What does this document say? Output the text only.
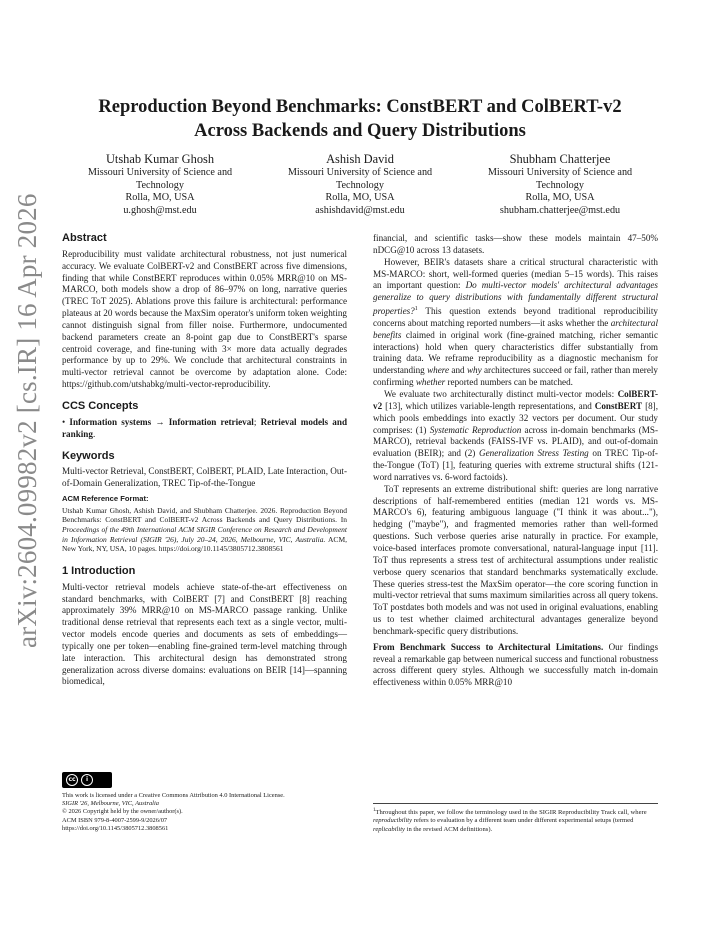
arXiv:2604.09982v2 [cs.IR] 16 Apr 2026
Reproduction Beyond Benchmarks: ConstBERT and ColBERT-v2
Across Backends and Query Distributions
Utshab Kumar Ghosh
Missouri University of Science and
Technology
Rolla, MO, USA
u.ghosh@mst.edu
Ashish David
Missouri University of Science and
Technology
Rolla, MO, USA
ashishdavid@mst.edu
Shubham Chatterjee
Missouri University of Science and
Technology
Rolla, MO, USA
shubham.chatterjee@mst.edu
Abstract

Reproducibility must validate architectural robustness, not just numerical accuracy. We evaluate ColBERT-v2 and ConstBERT across five dimensions, finding that while ConstBERT reproduces within 0.05% MRR@10 on MS-MARCO, both models show a drop of 86–97% on long, narrative queries (TREC ToT 2025). Ablations prove this failure is architectural: performance plateaus at 20 words because the MaxSim operator's uniform token weighting cannot distinguish signal from filler noise. Furthermore, undocumented backend parameters create an 8-point gap due to ConstBERT's sparse centroid coverage, and fine-tuning with 3× more data actually degrades performance by up to 29%. We conclude that architectural constraints in multi-vector retrieval cannot be overcome by adaptation alone. Code: https://github.com/utshabkg/multi-vector-reproducibility.

CCS Concepts

• Information systems → Information retrieval; Retrieval models and ranking.

Keywords

Multi-vector Retrieval, ConstBERT, ColBERT, PLAID, Late Interaction, Out-of-Domain Generalization, TREC Tip-of-the-Tongue

ACM Reference Format:

Utshab Kumar Ghosh, Ashish David, and Shubham Chatterjee. 2026. Reproduction Beyond Benchmarks: ConstBERT and ColBERT-v2 Across Backends and Query Distributions. In Proceedings of the 49th International ACM SIGIR Conference on Research and Development in Information Retrieval (SIGIR '26), July 20–24, 2026, Melbourne, VIC, Australia. ACM, New York, NY, USA, 10 pages. https://doi.org/10.1145/3805712.3808561

1 Introduction

Multi-vector retrieval models achieve state-of-the-art effectiveness on standard benchmarks, with ColBERT [7] and ConstBERT [8] reaching approximately 39% MRR@10 on MS-MARCO passage ranking. Unlike traditional dense retrieval that represents each text as a single vector, multi-vector models encode queries and documents as sets of embeddings—typically one per token—enabling fine-grained term-level matching through late interaction. This architectural design has demonstrated strong generalization across diverse domains: evaluations on BEIR [14]—spanning biomedical,

financial, and scientific tasks—show these models maintain 47–50% nDCG@10 across 13 datasets.

However, BEIR's datasets share a critical structural characteristic with MS-MARCO: short, well-formed queries (median 5–15 words). This raises an important question: Do multi-vector models' architectural advantages generalize to query distributions with fundamentally different structural properties?$^1$ This question extends beyond traditional reproducibility concerns about matching reported numbers—it asks whether the architectural benefits claimed in original work (fine-grained matching, richer semantic interactions) hold when query characteristics differ substantially from training data. We reframe reproducibility as a diagnostic mechanism for understanding where and why architectures succeed or fail, rather than merely confirming whether reported numbers can be matched.

We evaluate two architecturally distinct multi-vector models: ColBERT-v2 [13], which utilizes variable-length representations, and ConstBERT [8], which pools embeddings into exactly 32 vectors per document. Our study comprises: (1) Systematic Reproduction across in-domain benchmarks (MS-MARCO), retrieval backends (FAISS-IVF vs. PLAID), and out-of-domain evaluation (BEIR); and (2) Generalization Stress Testing on TREC Tip-of-the-Tongue (ToT) [1], featuring queries with extreme structural shifts (121-word narratives vs. 6-word factoids).

ToT represents an extreme distributional shift: queries are long narrative descriptions of half-remembered entities (median 121 words vs. MS-MARCO's 6), featuring ambiguous language ("I think it was about..."), hedging ("maybe"), and fragmented memories rather than well-formed questions. Such verbose queries arise naturally in practice. For example, voice-based interfaces promote conversational, natural-language input [11]. ToT thus represents a stress test of architectural assumptions under realistic verbose query scenarios that standard benchmarks systematically exclude. These queries stress-test the MaxSim operator—the core scoring function in multi-vector retrieval that sums maximum similarities across all query tokens. ToT postdates both models and was not used in original evaluations, enabling us to test whether claimed architectural advantages generalize beyond benchmark-specific query distributions.

From Benchmark Success to Architectural Limitations. Our findings reveal a remarkable gap between numerical success and functional robustness across different query styles. Although we successfully match in-domain effectiveness within 0.05% MRR@10

cc	i
This work is licensed under a Creative Commons Attribution 4.0 International License.
SIGIR '26, Melbourne, VIC, Australia
© 2026 Copyright held by the owner/author(s).
ACM ISBN 979-8-4007-2599-9/2026/07
https://doi.org/10.1145/3805712.3808561
$^1$Throughout this paper, we follow the terminology used in the SIGIR Reproducibility Track call, where reproducibility refers to evaluation by a different team under different experimental setups (termed replicability in the revised ACM definitions).
